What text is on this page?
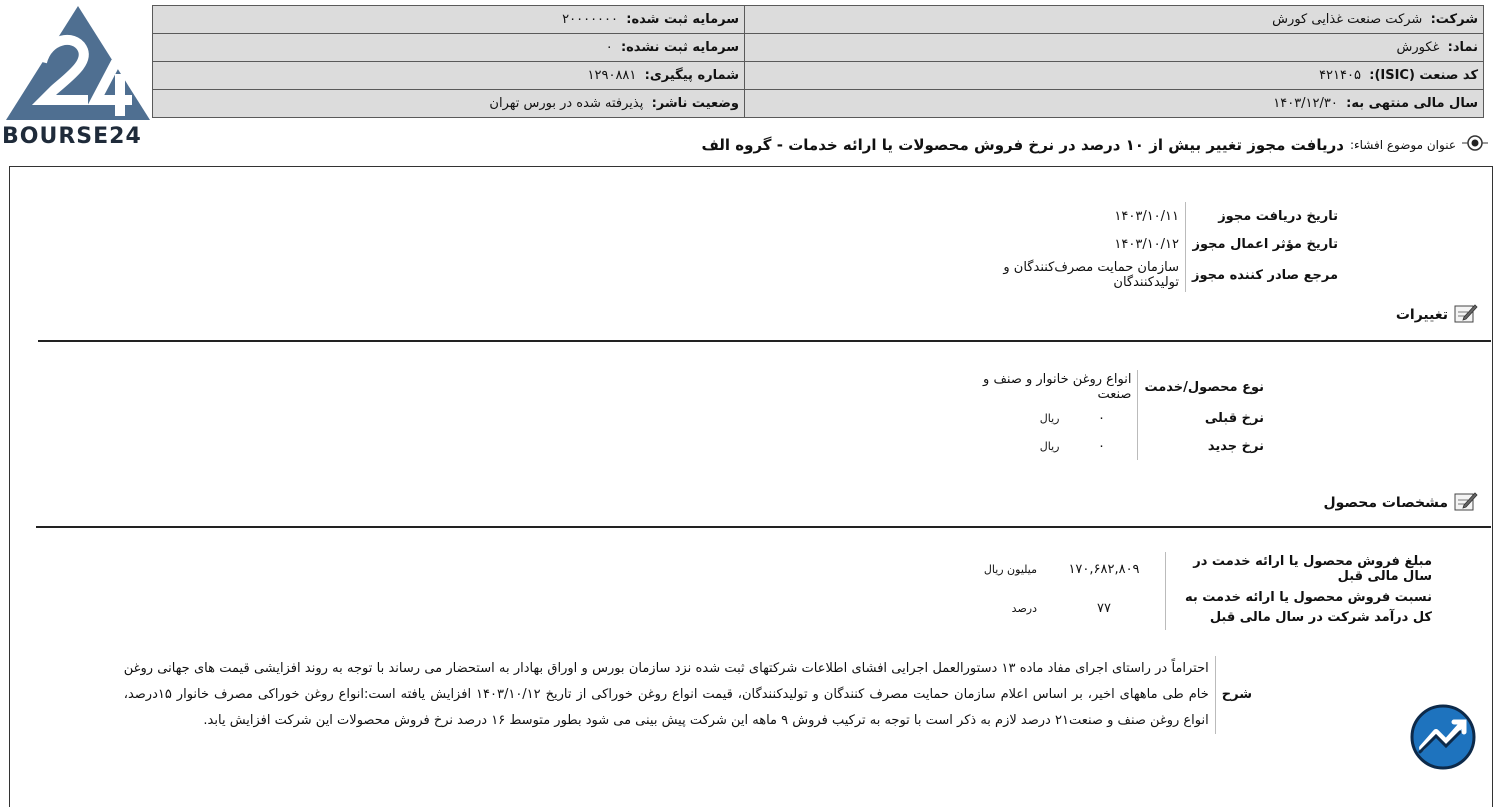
BOURSE24
شرکت:  شرکت صنعت غذایی کورش	سرمایه ثبت شده:  ۲۰۰۰۰۰۰۰
نماد:  غکورش	سرمایه ثبت نشده:  ۰
کد صنعت (ISIC):  ۴۲۱۴۰۵	شماره پیگیری:  ۱۲۹۰۸۸۱
سال مالی منتهی به:  ۱۴۰۳/۱۲/۳۰	وضعیت ناشر:  پذیرفته شده در بورس تهران
عنوان موضوع افشاء:
دریافت مجوز تغییر بیش از ۱۰ درصد در نرخ فروش محصولات یا ارائه خدمات - گروه الف
تاریخ دریافت مجوز	۱۴۰۳/۱۰/۱۱
تاریخ مؤثر اعمال مجوز	۱۴۰۳/۱۰/۱۲
مرجع صادر کننده مجوز	سازمان حمایت مصرف‌کنندگان و تولیدکنندگان
تغییرات
نوع محصول/خدمت	انواع روغن خانوار و صنف و صنعت	
نرخ قبلی	۰	ریال
نرخ جدید	۰	ریال
مشخصات محصول
مبلغ فروش محصول یا ارائه خدمت در سال مالی قبل	۱۷۰,۶۸۲,۸۰۹	میلیون ریال
نسبت فروش محصول یا ارائه خدمت به کل درآمد شرکت در سال مالی قبل	۷۷	درصد
شرح
احتراماً در راستای اجرای مفاد ماده ۱۳ دستورالعمل اجرایی افشای اطلاعات شرکتهای ثبت شده نزد سازمان بورس و اوراق بهادار به استحضار می رساند با توجه به روند افزایشی قیمت های جهانی روغن خام طی ماههای اخیر، بر اساس اعلام سازمان حمایت مصرف کنندگان و تولیدکنندگان، قیمت انواع روغن خوراکی از تاریخ ۱۴۰۳/۱۰/۱۲ افزایش یافته است:انواع روغن خوراکی مصرف خانوار ۱۵درصد، انواع روغن صنف و صنعت۲۱ درصد لازم به ذکر است با توجه به ترکیب فروش ۹ ماهه این شرکت پیش بینی می شود بطور متوسط ۱۶ درصد نرخ فروش محصولات این شرکت افزایش یابد.
